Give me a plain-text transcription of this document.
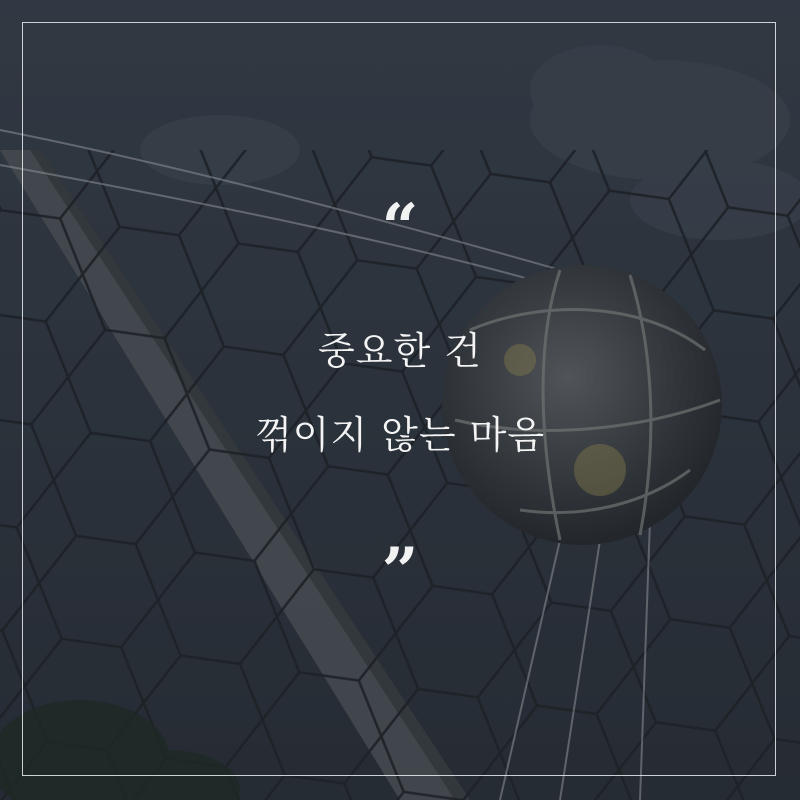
“
중요한 건
꺾이지 않는 마음
”
